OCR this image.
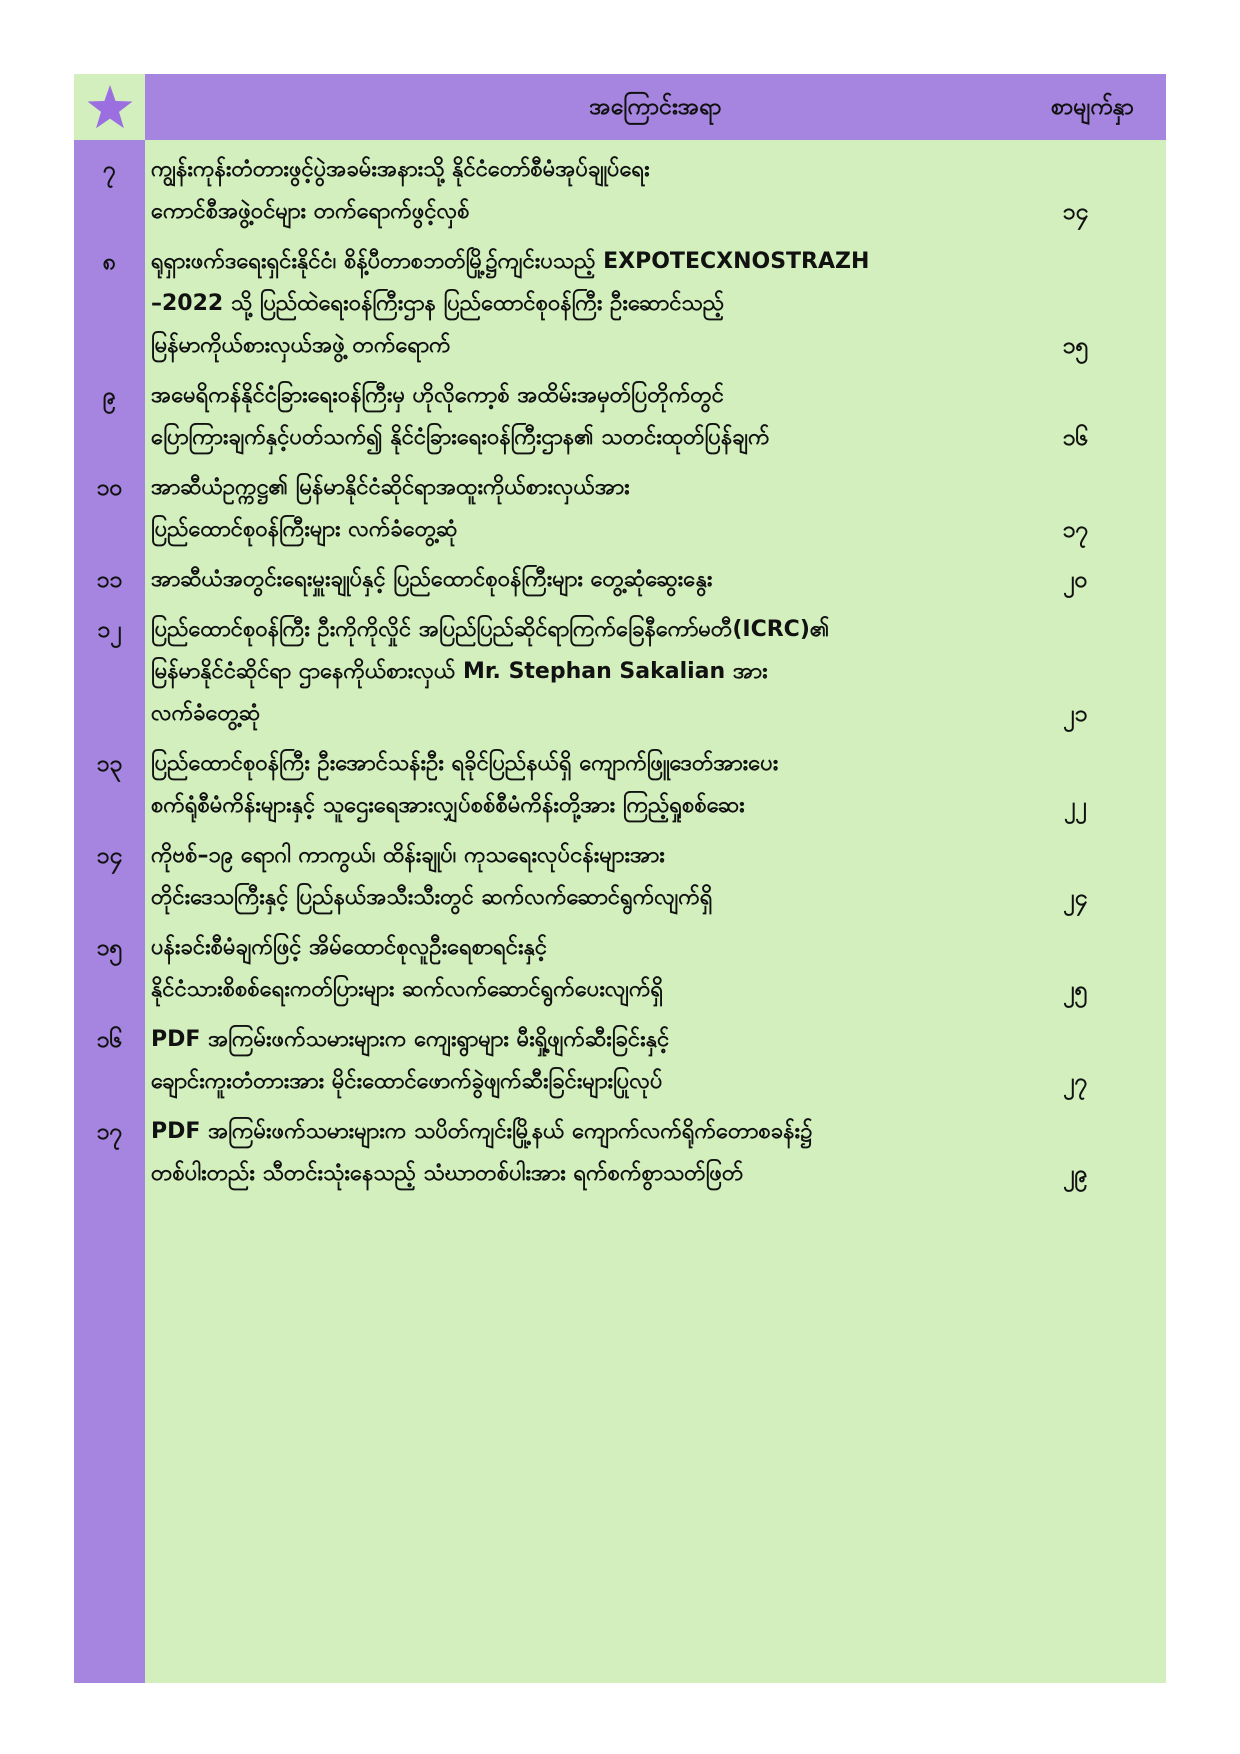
အကြောင်းအရာ	စာမျက်နှာ
၇	ကျွန်းကုန်းတံတားဖွင့်ပွဲအခမ်းအနားသို့ နိုင်ငံတော်စီမံအုပ်ချုပ်ရေး
ကောင်စီအဖွဲ့ဝင်များ တက်ရောက်ဖွင့်လှစ်	၁၄
၈	ရုရှားဖက်ဒရေးရှင်းနိုင်ငံ၊ စိန့်ပီတာစဘတ်မြို့၌ကျင်းပသည့် EXPOTECXNOSTRAZH
–2022 သို့ ပြည်ထဲရေးဝန်ကြီးဌာန ပြည်ထောင်စုဝန်ကြီး ဦးဆောင်သည့်
မြန်မာကိုယ်စားလှယ်အဖွဲ့ တက်ရောက်	၁၅
၉	အမေရိကန်နိုင်ငံခြားရေးဝန်ကြီးမှ ဟိုလိုကော့စ် အထိမ်းအမှတ်ပြတိုက်တွင်
ပြောကြားချက်နှင့်ပတ်သက်၍ နိုင်ငံခြားရေးဝန်ကြီးဌာန၏ သတင်းထုတ်ပြန်ချက်	၁၆
၁၀	အာဆီယံဥက္ကဋ္ဌ၏ မြန်မာနိုင်ငံဆိုင်ရာအထူးကိုယ်စားလှယ်အား
ပြည်ထောင်စုဝန်ကြီးများ လက်ခံတွေ့ဆုံ	၁၇
၁၁	အာဆီယံအတွင်းရေးမှူးချုပ်နှင့် ပြည်ထောင်စုဝန်ကြီးများ တွေ့ဆုံဆွေးနွေး	၂၀
၁၂	ပြည်ထောင်စုဝန်ကြီး ဦးကိုကိုလှိုင် အပြည်ပြည်ဆိုင်ရာကြက်ခြေနီကော်မတီ(ICRC)၏
မြန်မာနိုင်ငံဆိုင်ရာ ဌာနေကိုယ်စားလှယ် Mr. Stephan Sakalian အား
လက်ခံတွေ့ဆုံ	၂၁
၁၃	ပြည်ထောင်စုဝန်ကြီး ဦးအောင်သန်းဦး ရခိုင်ပြည်နယ်ရှိ ကျောက်ဖြူဒေတ်အားပေး
စက်ရုံစီမံကိန်းများနှင့် သူဌေးရေအားလျှပ်စစ်စီမံကိန်းတို့အား ကြည့်ရှုစစ်ဆေး	၂၂
၁၄	ကိုဗစ်–၁၉ ရောဂါ ကာကွယ်၊ ထိန်းချုပ်၊ ကုသရေးလုပ်ငန်းများအား
တိုင်းဒေသကြီးနှင့် ပြည်နယ်အသီးသီးတွင် ဆက်လက်ဆောင်ရွက်လျက်ရှိ	၂၄
၁၅	ပန်းခင်းစီမံချက်ဖြင့် အိမ်ထောင်စုလူဦးရေစာရင်းနှင့်
နိုင်ငံသားစိစစ်ရေးကတ်ပြားများ ဆက်လက်ဆောင်ရွက်ပေးလျက်ရှိ	၂၅
၁၆	PDF အကြမ်းဖက်သမားများက ကျေးရွာများ မီးရှို့ဖျက်ဆီးခြင်းနှင့်
ချောင်းကူးတံတားအား မိုင်းထောင်ဖောက်ခွဲဖျက်ဆီးခြင်းများပြုလုပ်	၂၇
၁၇	PDF အကြမ်းဖက်သမားများက သပိတ်ကျင်းမြို့နယ် ကျောက်လက်ရိုက်တောစခန်း၌
တစ်ပါးတည်း သီတင်းသုံးနေသည့် သံဃာတစ်ပါးအား ရက်စက်စွာသတ်ဖြတ်	၂၉
